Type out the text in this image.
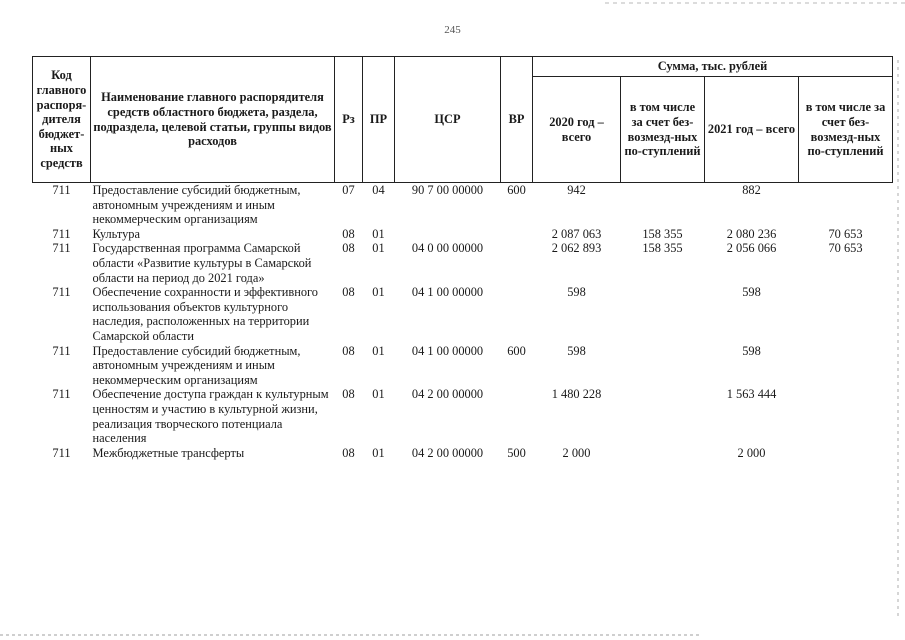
245
Код главного распоря-дителя бюджет-ных средств	Наименование главного распорядителя средств областного бюджета, раздела, подраздела, целевой статьи, группы видов расходов	Рз	ПР	ЦСР	ВР	Сумма, тыс. рублей			
						2020 год – всего	в том числе за счет без-возмезд-ных по-ступлений	2021 год – всего	в том числе за счет без-возмезд-ных по-ступлений
711	Предоставление субсидий бюджетным, автономным учреждениям и иным некоммерческим организациям	07	04	90 7 00 00000	600	942		882	
711	Культура	08	01			2 087 063	158 355	2 080 236	70 653
711	Государственная программа Самарской области «Развитие культуры в Самарской области на период до 2021 года»	08	01	04 0 00 00000		2 062 893	158 355	2 056 066	70 653
711	Обеспечение сохранности и эффективного использования объектов культурного наследия, расположенных на территории Самарской области	08	01	04 1 00 00000		598		598	
711	Предоставление субсидий бюджетным, автономным учреждениям и иным некоммерческим организациям	08	01	04 1 00 00000	600	598		598	
711	Обеспечение доступа граждан к культурным ценностям и участию в культурной жизни, реализация творческого потенциала населения	08	01	04 2 00 00000		1 480 228		1 563 444	
711	Межбюджетные трансферты	08	01	04 2 00 00000	500	2 000		2 000	
